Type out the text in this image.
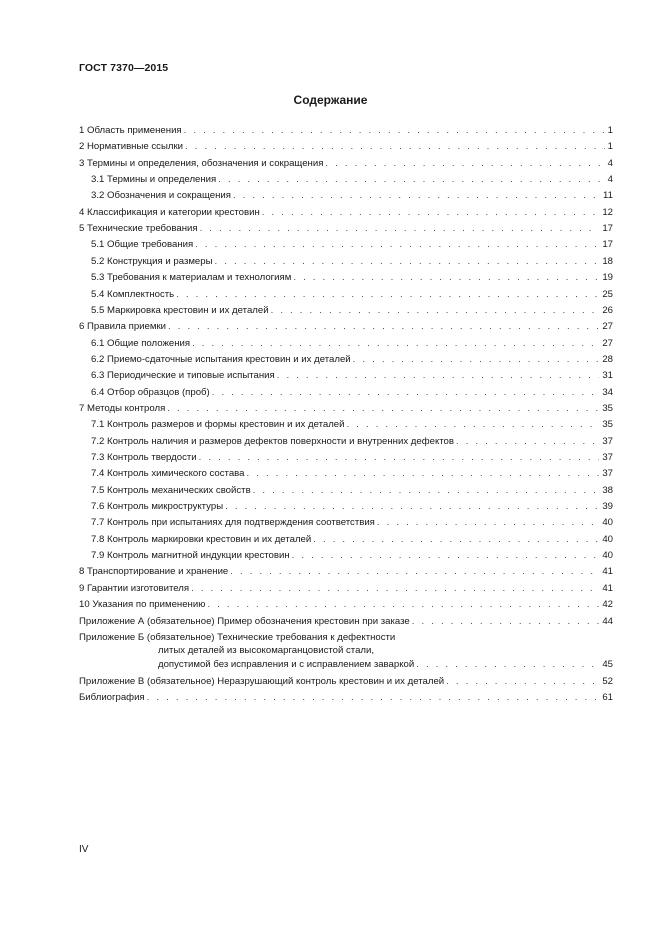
ГОСТ 7370—2015
Содержание
1 Область применения . . .	1
2 Нормативные ссылки . . .	1
3 Термины и определения, обозначения и сокращения . . .	4
3.1 Термины и определения . . .	4
3.2 Обозначения и сокращения . . .	11
4 Классификация и категории крестовин . . .	12
5 Технические требования . . .	17
5.1 Общие требования . . .	17
5.2 Конструкция и размеры . . .	18
5.3 Требования к материалам и технологиям . . .	19
5.4 Комплектность . . .	25
5.5 Маркировка крестовин и их деталей . . .	26
6 Правила приемки . . .	27
6.1 Общие положения . . .	27
6.2 Приемо-сдаточные испытания крестовин и их деталей . . .	28
6.3 Периодические и типовые испытания . . .	31
6.4 Отбор образцов (проб) . . .	34
7 Методы контроля . . .	35
7.1 Контроль размеров и формы крестовин и их деталей . . .	35
7.2 Контроль наличия и размеров дефектов поверхности и внутренних дефектов . . .	37
7.3 Контроль твердости . . .	37
7.4 Контроль химического состава . . .	37
7.5 Контроль механических свойств . . .	38
7.6 Контроль микроструктуры . . .	39
7.7 Контроль при испытаниях для подтверждения соответствия . . .	40
7.8 Контроль маркировки крестовин и их деталей . . .	40
7.9 Контроль магнитной индукции крестовин . . .	40
8 Транспортирование и хранение . . .	41
9 Гарантии изготовителя . . .	41
10 Указания по применению . . .	42
Приложение А (обязательное) Пример обозначения крестовин при заказе . . .	44
Приложение Б (обязательное) Технические требования к дефектности
литых деталей из высокомарганцовистой стали,
допустимой без исправления и с исправлением заваркой . . .	45
Приложение В (обязательное) Неразрушающий контроль крестовин и их деталей . . .	52
Библиография . . .	61
IV
